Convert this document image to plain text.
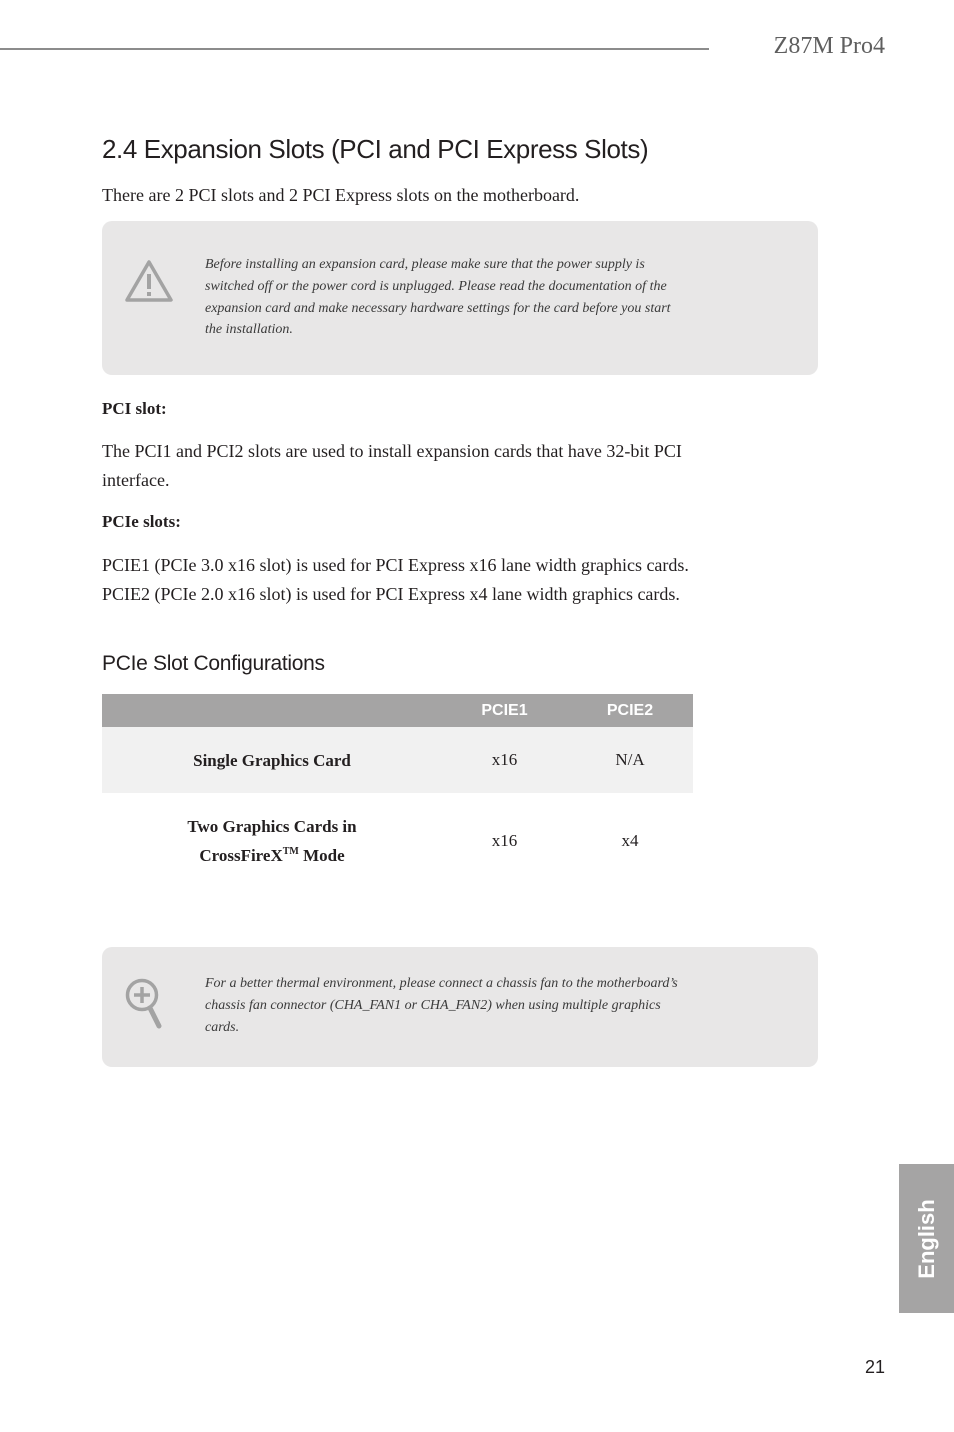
Z87M Pro4
2.4 Expansion Slots (PCI and PCI Express Slots)
There are 2 PCI slots and 2 PCI Express slots on the motherboard.
Before installing an expansion card, please make sure that the power supply is
switched off or the power cord is unplugged. Please read the documentation of the
expansion card and make necessary hardware settings for the card before you start
the installation.
PCI slot:
The PCI1 and PCI2 slots are used to install expansion cards that have 32-bit PCI
interface.
PCIe slots:
PCIE1 (PCIe 3.0 x16 slot) is used for PCI Express x16 lane width graphics cards.
PCIE2 (PCIe 2.0 x16 slot) is used for PCI Express x4 lane width graphics cards.
PCIe Slot Configurations
	PCIE1	PCIE2
Single Graphics Card	x16	N/A
Two Graphics Cards in
CrossFireX™ Mode	x16	x4
For a better thermal environment, please connect a chassis fan to the motherboard’s
chassis fan connector (CHA_FAN1 or CHA_FAN2) when using multiple graphics
cards.
English
21
